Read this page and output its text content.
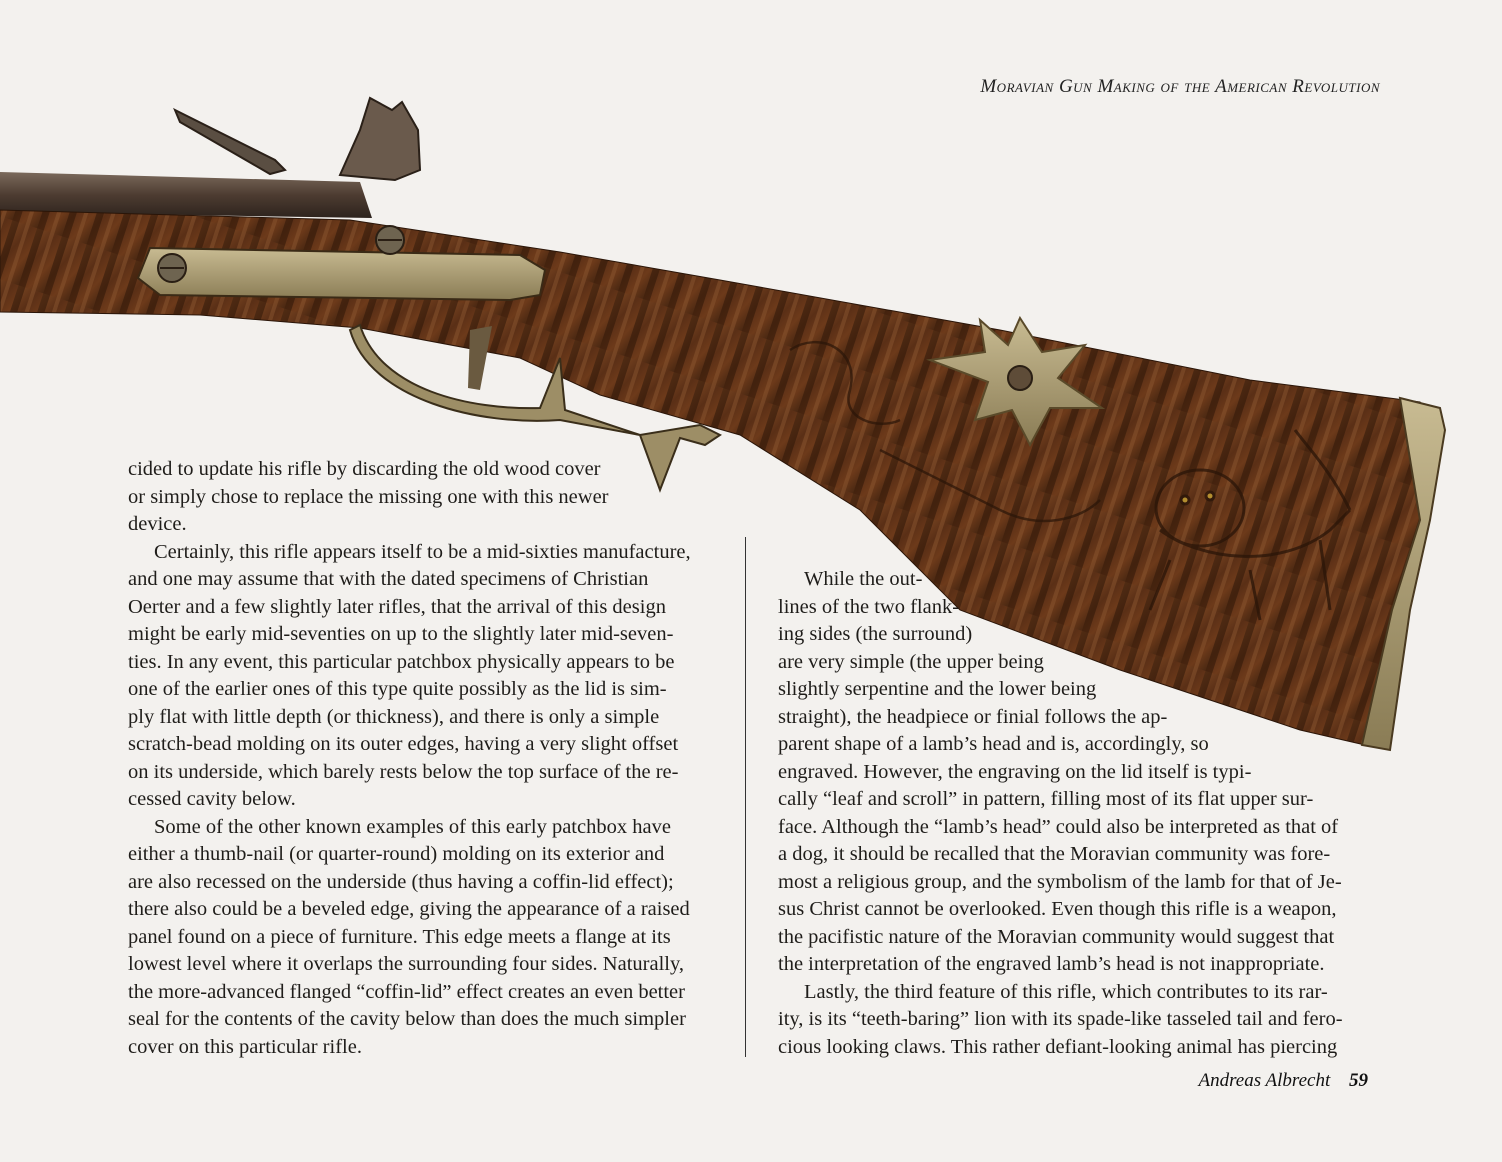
Moravian Gun Making of the American Revolution

cided to update his rifle by discarding the old wood cover
or simply chose to replace the missing one with this newer
device.

Certainly, this rifle appears itself to be a mid-sixties manufacture,
and one may assume that with the dated specimens of Christian
Oerter and a few slightly later rifles, that the arrival of this design
might be early mid-seventies on up to the slightly later mid-seven-
ties. In any event, this particular patchbox physically appears to be
one of the earlier ones of this type quite possibly as the lid is sim-
ply flat with little depth (or thickness), and there is only a simple
scratch-bead molding on its outer edges, having a very slight offset
on its underside, which barely rests below the top surface of the re-
cessed cavity below.

Some of the other known examples of this early patchbox have
either a thumb-nail (or quarter-round) molding on its exterior and
are also recessed on the underside (thus having a coffin-lid effect);
there also could be a beveled edge, giving the appearance of a raised
panel found on a piece of furniture. This edge meets a flange at its
lowest level where it overlaps the surrounding four sides. Naturally,
the more-advanced flanged “coffin-lid” effect creates an even better
seal for the contents of the cavity below than does the much simpler
cover on this particular rifle.

While the out-
lines of the two flank-
ing sides (the surround)
are very simple (the upper being
slightly serpentine and the lower being
straight), the headpiece or finial follows the ap-
parent shape of a lamb’s head and is, accordingly, so
engraved. However, the engraving on the lid itself is typi-
cally “leaf and scroll” in pattern, filling most of its flat upper sur-
face. Although the “lamb’s head” could also be interpreted as that of
a dog, it should be recalled that the Moravian community was fore-
most a religious group, and the symbolism of the lamb for that of Je-
sus Christ cannot be overlooked. Even though this rifle is a weapon,
the pacifistic nature of the Moravian community would suggest that
the interpretation of the engraved lamb’s head is not inappropriate.

Lastly, the third feature of this rifle, which contributes to its rar-
ity, is its “teeth-baring” lion with its spade-like tasseled tail and fero-
cious looking claws. This rather defiant-looking animal has piercing

Andreas Albrecht 59
